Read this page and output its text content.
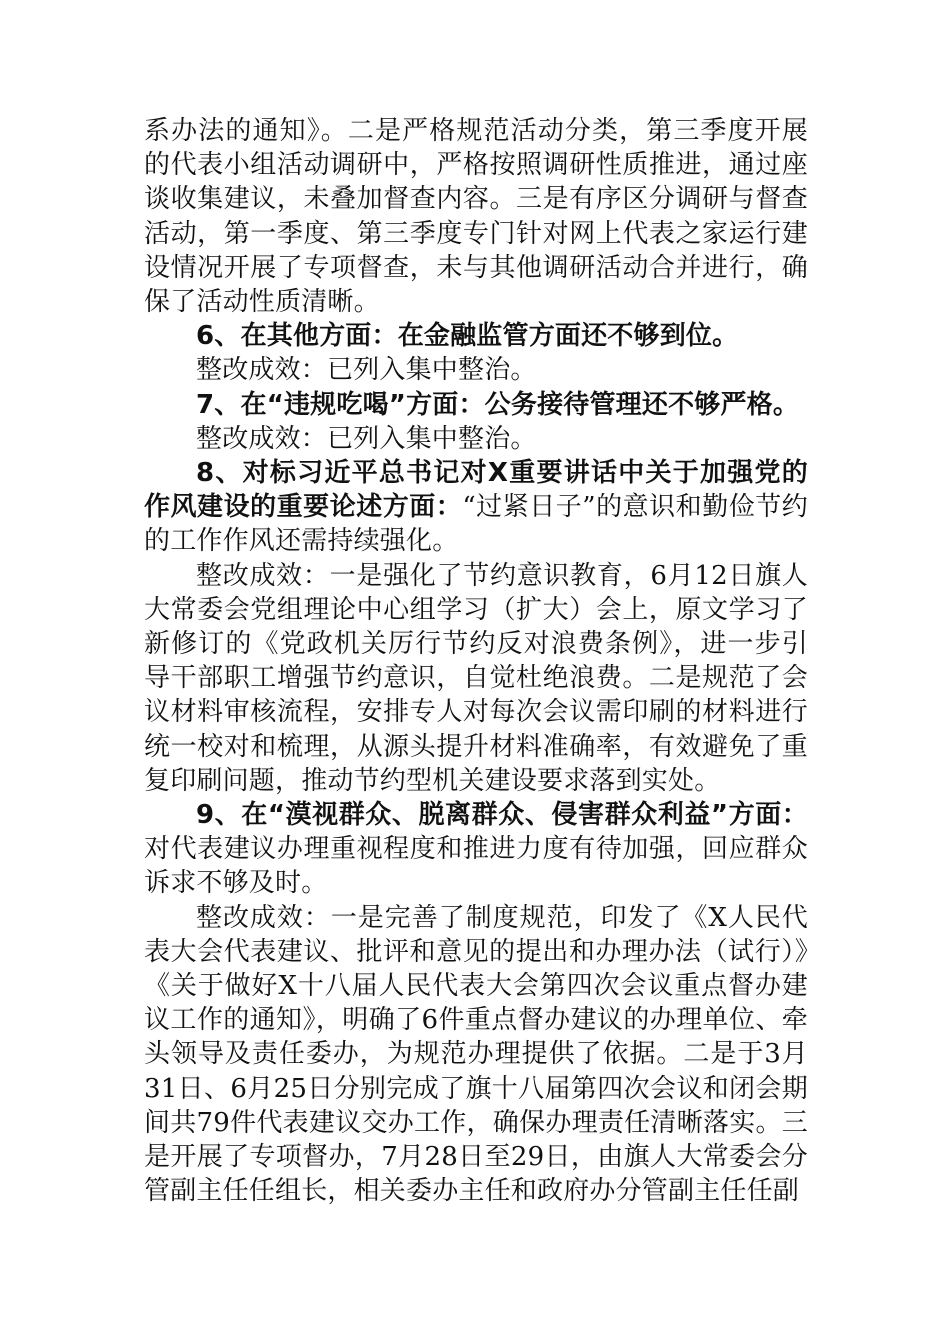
系办法的通知》。二是严格规范活动分类，第三季度开展的代表小组活动调研中，严格按照调研性质推进，通过座谈收集建议，未叠加督查内容。三是有序区分调研与督查活动，第一季度、第三季度专门针对网上代表之家运行建设情况开展了专项督查，未与其他调研活动合并进行，确保了活动性质清晰。

6、在其他方面：在金融监管方面还不够到位。

整改成效：已列入集中整治。

7、在“违规吃喝”方面：公务接待管理还不够严格。

整改成效：已列入集中整治。

8、对标习近平总书记对X重要讲话中关于加强党的作风建设的重要论述方面：“过紧日子”的意识和勤俭节约的工作作风还需持续强化。

整改成效：一是强化了节约意识教育，6月12日旗人大常委会党组理论中心组学习（扩大）会上，原文学习了新修订的《党政机关厉行节约反对浪费条例》，进一步引导干部职工增强节约意识，自觉杜绝浪费。二是规范了会议材料审核流程，安排专人对每次会议需印刷的材料进行统一校对和梳理，从源头提升材料准确率，有效避免了重复印刷问题，推动节约型机关建设要求落到实处。

9、在“漠视群众、脱离群众、侵害群众利益”方面：对代表建议办理重视程度和推进力度有待加强，回应群众诉求不够及时。

整改成效：一是完善了制度规范，印发了《X人民代表大会代表建议、批评和意见的提出和办理办法（试行）》《关于做好X十八届人民代表大会第四次会议重点督办建议工作的通知》，明确了6件重点督办建议的办理单位、牵头领导及责任委办，为规范办理提供了依据。二是于3月31日、6月25日分别完成了旗十八届第四次会议和闭会期间共79件代表建议交办工作，确保办理责任清晰落实。三是开展了专项督办，7月28日至29日，由旗人大常委会分管副主任任组长，相关委办主任和政府办分管副主任任副
